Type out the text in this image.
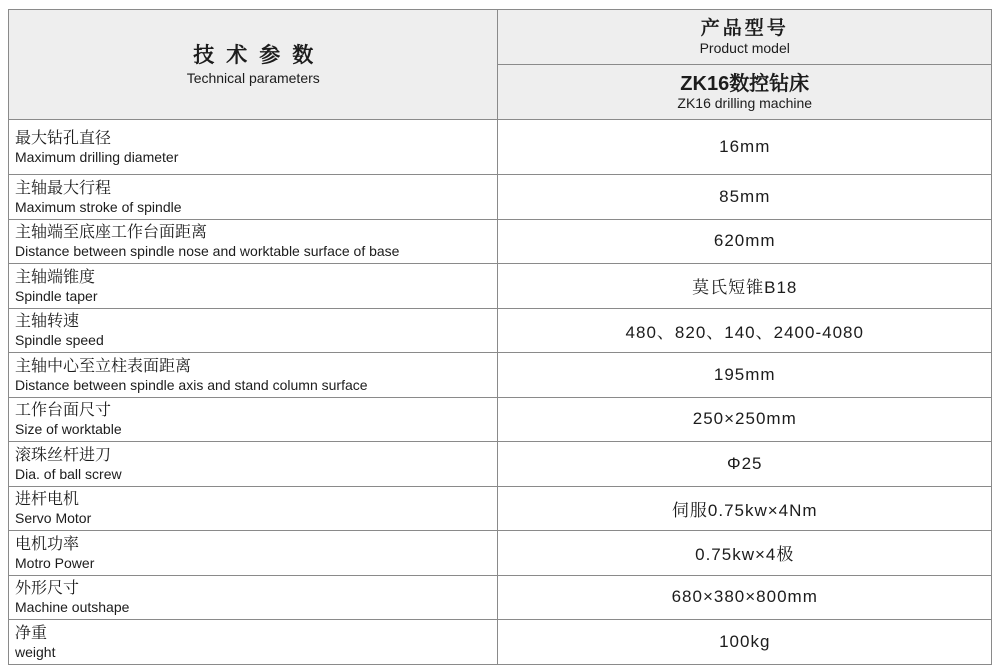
技术参数
Technical parameters	产品型号
Product model

	ZK16数控钻床
ZK16 drilling machine

最大钻孔直径
Maximum drilling diameter	16mm

主轴最大行程
Maximum stroke of spindle	85mm

主轴端至底座工作台面距离
Distance between spindle nose and worktable surface of base	620mm

主轴端锥度
Spindle taper	莫氏短锥B18

主轴转速
Spindle speed	480、820、140、2400-4080

主轴中心至立柱表面距离
Distance between spindle axis and stand column surface	195mm

工作台面尺寸
Size of worktable	250×250mm

滚珠丝杆进刀
Dia. of ball screw	Φ25

进杆电机
Servo Motor	伺服0.75kw×4Nm

电机功率
Motro Power	0.75kw×4极

外形尺寸
Machine outshape	680×380×800mm

净重
weight	100kg
